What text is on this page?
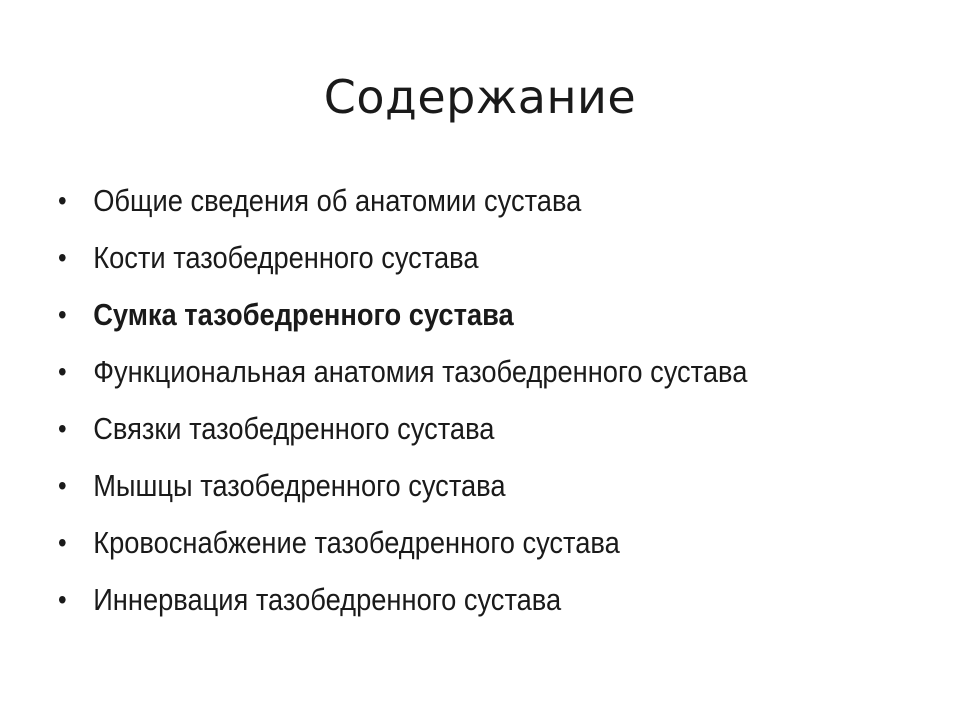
Содержание
• Общие сведения об анатомии сустава
• Кости тазобедренного сустава
• Сумка тазобедренного сустава
• Функциональная анатомия тазобедренного сустава
• Связки тазобедренного сустава
• Мышцы тазобедренного сустава
• Кровоснабжение тазобедренного сустава
• Иннервация тазобедренного сустава
